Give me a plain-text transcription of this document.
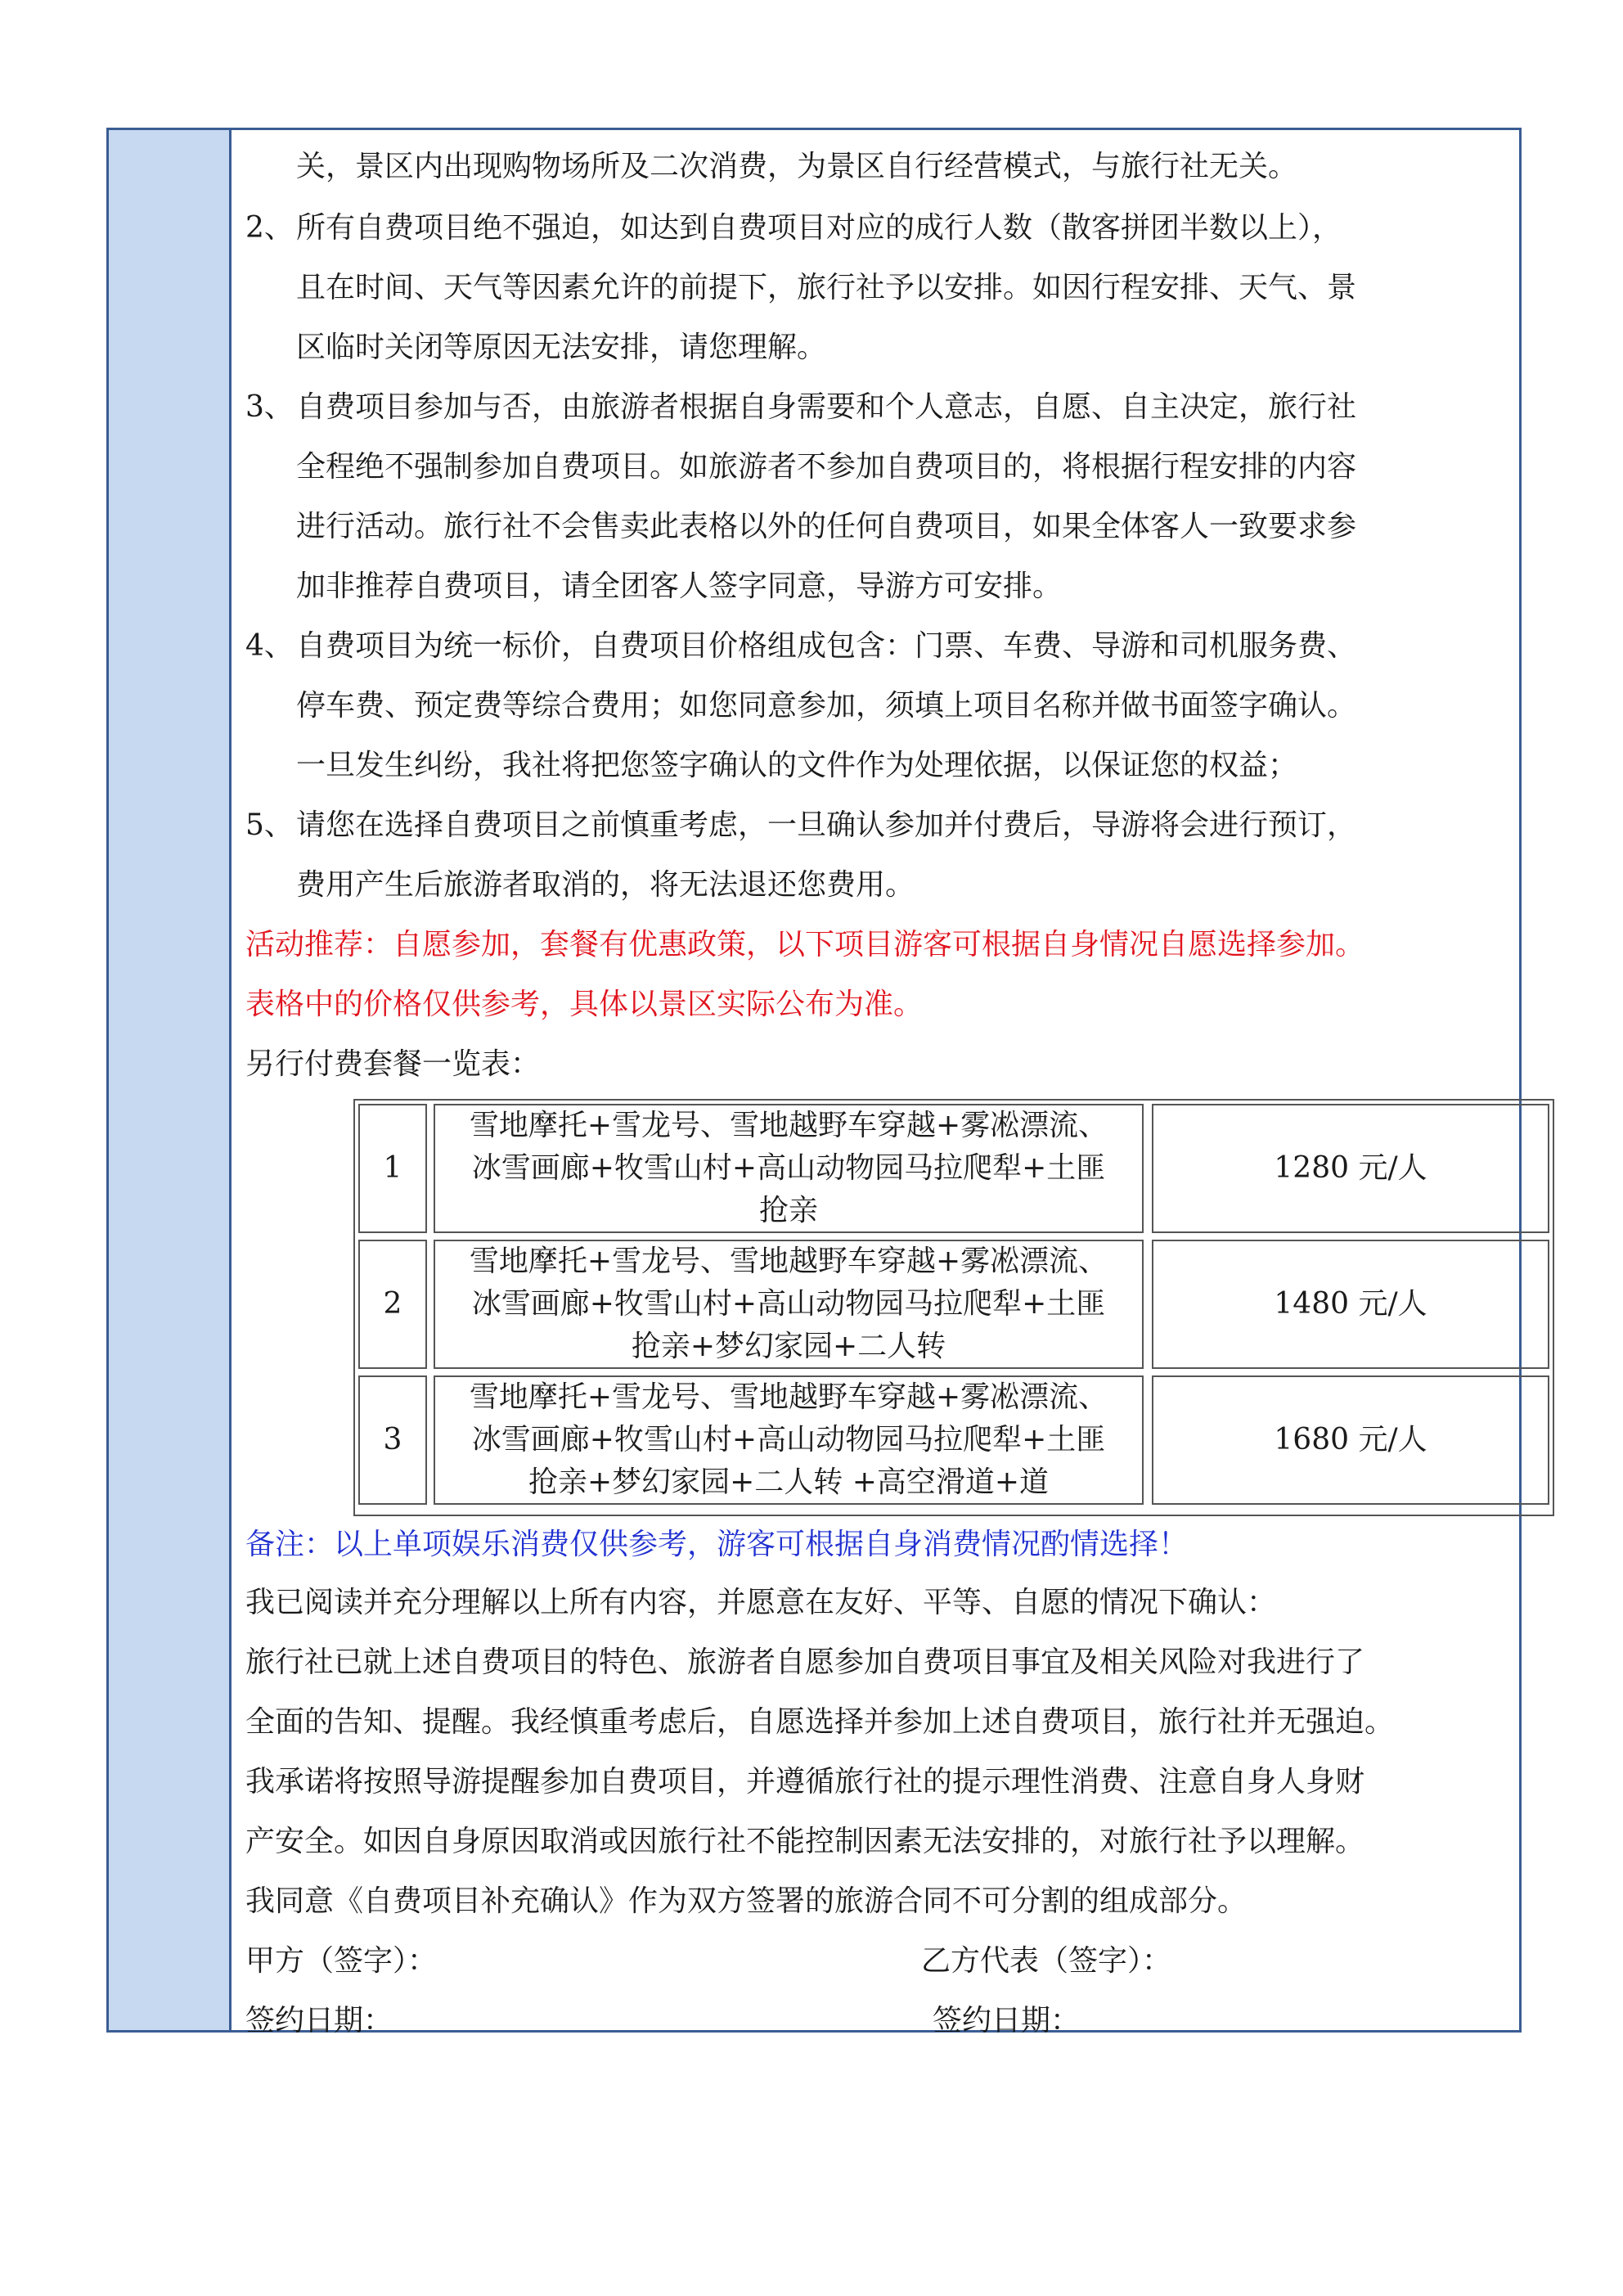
关，景区内出现购物场所及二次消费，为景区自行经营模式，与旅行社无关。
2、 所有自费项目绝不强迫，如达到自费项目对应的成行人数（散客拼团半数以上），
且在时间、天气等因素允许的前提下，旅行社予以安排。如因行程安排、天气、景
区临时关闭等原因无法安排，请您理解。
3、 自费项目参加与否，由旅游者根据自身需要和个人意志，自愿、自主决定，旅行社
全程绝不强制参加自费项目。如旅游者不参加自费项目的，将根据行程安排的内容
进行活动。旅行社不会售卖此表格以外的任何自费项目，如果全体客人一致要求参
加非推荐自费项目，请全团客人签字同意，导游方可安排。
4、 自费项目为统一标价，自费项目价格组成包含：门票、车费、导游和司机服务费、
停车费、预定费等综合费用；如您同意参加，须填上项目名称并做书面签字确认。
一旦发生纠纷，我社将把您签字确认的文件作为处理依据，以保证您的权益；
5、 请您在选择自费项目之前慎重考虑，一旦确认参加并付费后，导游将会进行预订，
费用产生后旅游者取消的，将无法退还您费用。
活动推荐：自愿参加，套餐有优惠政策，以下项目游客可根据自身情况自愿选择参加。
表格中的价格仅供参考，具体以景区实际公布为准。
另行付费套餐一览表：
1
雪地摩托+雪龙号、雪地越野车穿越+雾凇漂流、
冰雪画廊+牧雪山村+高山动物园马拉爬犁+土匪
抢亲
1280 元/人
2
雪地摩托+雪龙号、雪地越野车穿越+雾凇漂流、
冰雪画廊+牧雪山村+高山动物园马拉爬犁+土匪
抢亲+梦幻家园+二人转
1480 元/人
3
雪地摩托+雪龙号、雪地越野车穿越+雾凇漂流、
冰雪画廊+牧雪山村+高山动物园马拉爬犁+土匪
抢亲+梦幻家园+二人转 +高空滑道+道
1680 元/人
备注：以上单项娱乐消费仅供参考，游客可根据自身消费情况酌情选择！
我已阅读并充分理解以上所有内容，并愿意在友好、平等、自愿的情况下确认：
旅行社已就上述自费项目的特色、旅游者自愿参加自费项目事宜及相关风险对我进行了
全面的告知、提醒。我经慎重考虑后，自愿选择并参加上述自费项目，旅行社并无强迫。
我承诺将按照导游提醒参加自费项目，并遵循旅行社的提示理性消费、注意自身人身财
产安全。如因自身原因取消或因旅行社不能控制因素无法安排的，对旅行社予以理解。
我同意《自费项目补充确认》作为双方签署的旅游合同不可分割的组成部分。
甲方（签字）：	乙方代表（签字）：
签约日期：	签约日期：
